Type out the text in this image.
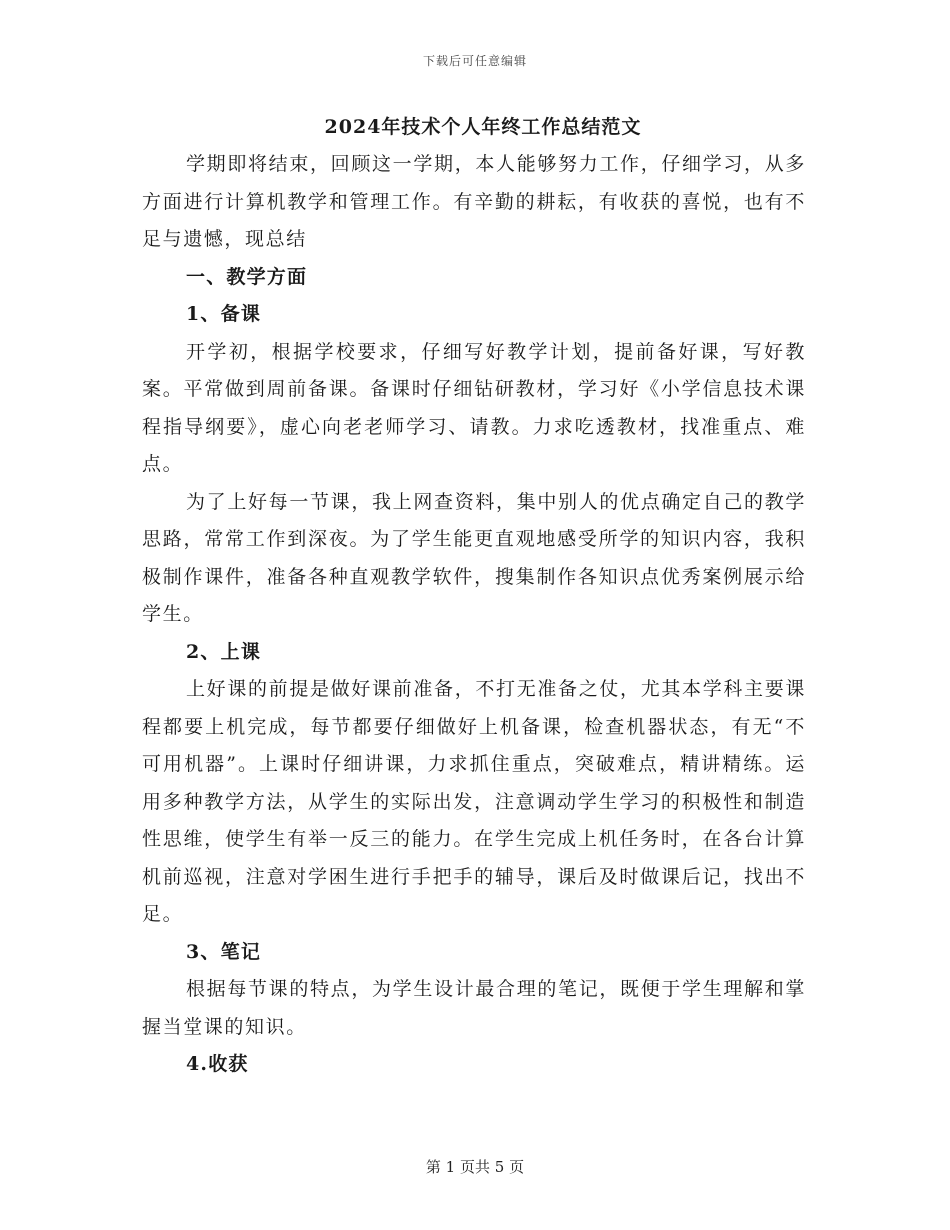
下载后可任意编辑
2024年技术个人年终工作总结范文

学期即将结束，回顾这一学期，本人能够努力工作，仔细学习，从多方面进行计算机教学和管理工作。有辛勤的耕耘，有收获的喜悦，也有不足与遗憾，现总结

一、教学方面
1、备课

开学初，根据学校要求，仔细写好教学计划，提前备好课，写好教案。平常做到周前备课。备课时仔细钻研教材，学习好《小学信息技术课程指导纲要》，虚心向老老师学习、请教。力求吃透教材，找准重点、难点。

为了上好每一节课，我上网查资料，集中别人的优点确定自己的教学思路，常常工作到深夜。为了学生能更直观地感受所学的知识内容，我积极制作课件，准备各种直观教学软件，搜集制作各知识点优秀案例展示给学生。

2、上课

上好课的前提是做好课前准备，不打无准备之仗，尤其本学科主要课程都要上机完成，每节都要仔细做好上机备课，检查机器状态，有无“不可用机器”。上课时仔细讲课，力求抓住重点，突破难点，精讲精练。运用多种教学方法，从学生的实际出发，注意调动学生学习的积极性和制造性思维，使学生有举一反三的能力。在学生完成上机任务时，在各台计算机前巡视，注意对学困生进行手把手的辅导，课后及时做课后记，找出不足。

3、笔记

根据每节课的特点，为学生设计最合理的笔记，既便于学生理解和掌握当堂课的知识。

4.收获
第 1 页共 5 页
